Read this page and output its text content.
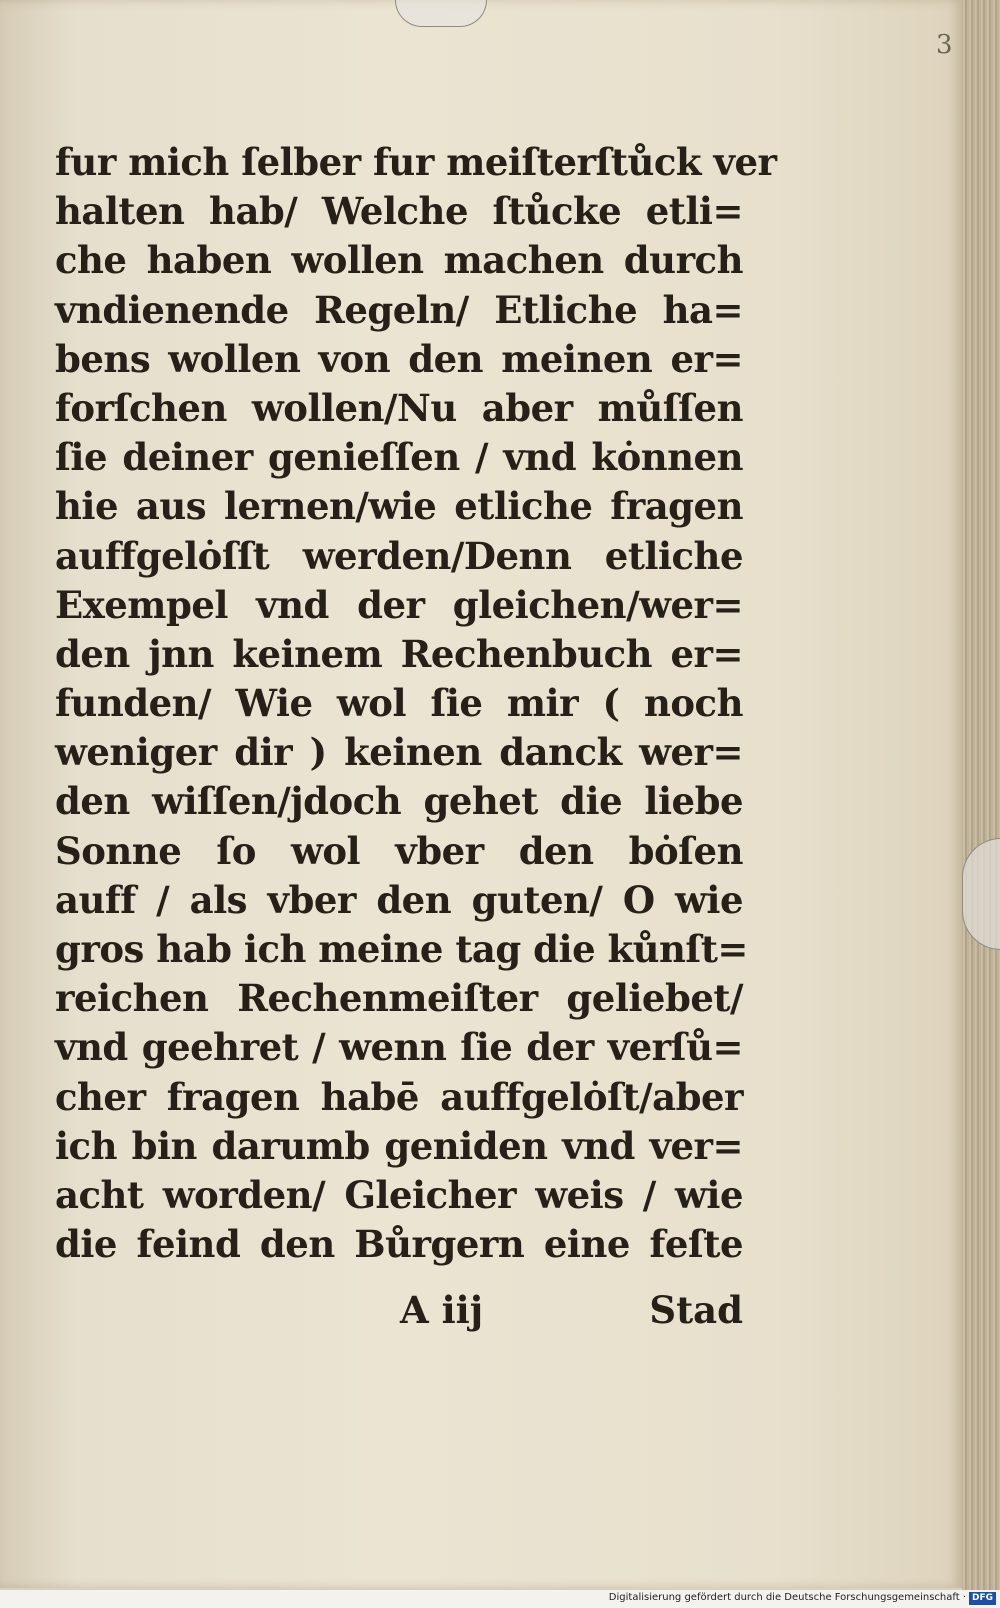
3
fur mich ſelber fur meiſterſtůck ver
halten hab/ Welche ſtůcke etli=
che haben wollen machen durch
vndienende Regeln/ Etliche ha=
bens wollen von den meinen er=
forſchen wollen/Nu aber můſſen
ſie deiner genieſſen / vnd kȯnnen
hie aus lernen/wie etliche fragen
auffgelȯſſt werden/Denn etliche
Exempel vnd der gleichen/wer=
den jnn keinem Rechenbuch er=
funden/ Wie wol ſie mir ( noch
weniger dir ) keinen danck wer=
den wiſſen/jdoch gehet die liebe
Sonne ſo wol vber den bȯſen
auff / als vber den guten/ O wie
gros hab ich meine tag die kůnſt=
reichen Rechenmeiſter geliebet/
vnd geehret / wenn ſie der verſů=
cher fragen habē auffgelȯſt/aber
ich bin darumb geniden vnd ver=
acht worden/ Gleicher weis / wie
die feind den Bůrgern eine feſte
A iij	Stad
Digitalisierung gefördert durch die Deutsche Forschungsgemeinschaft · DFG
